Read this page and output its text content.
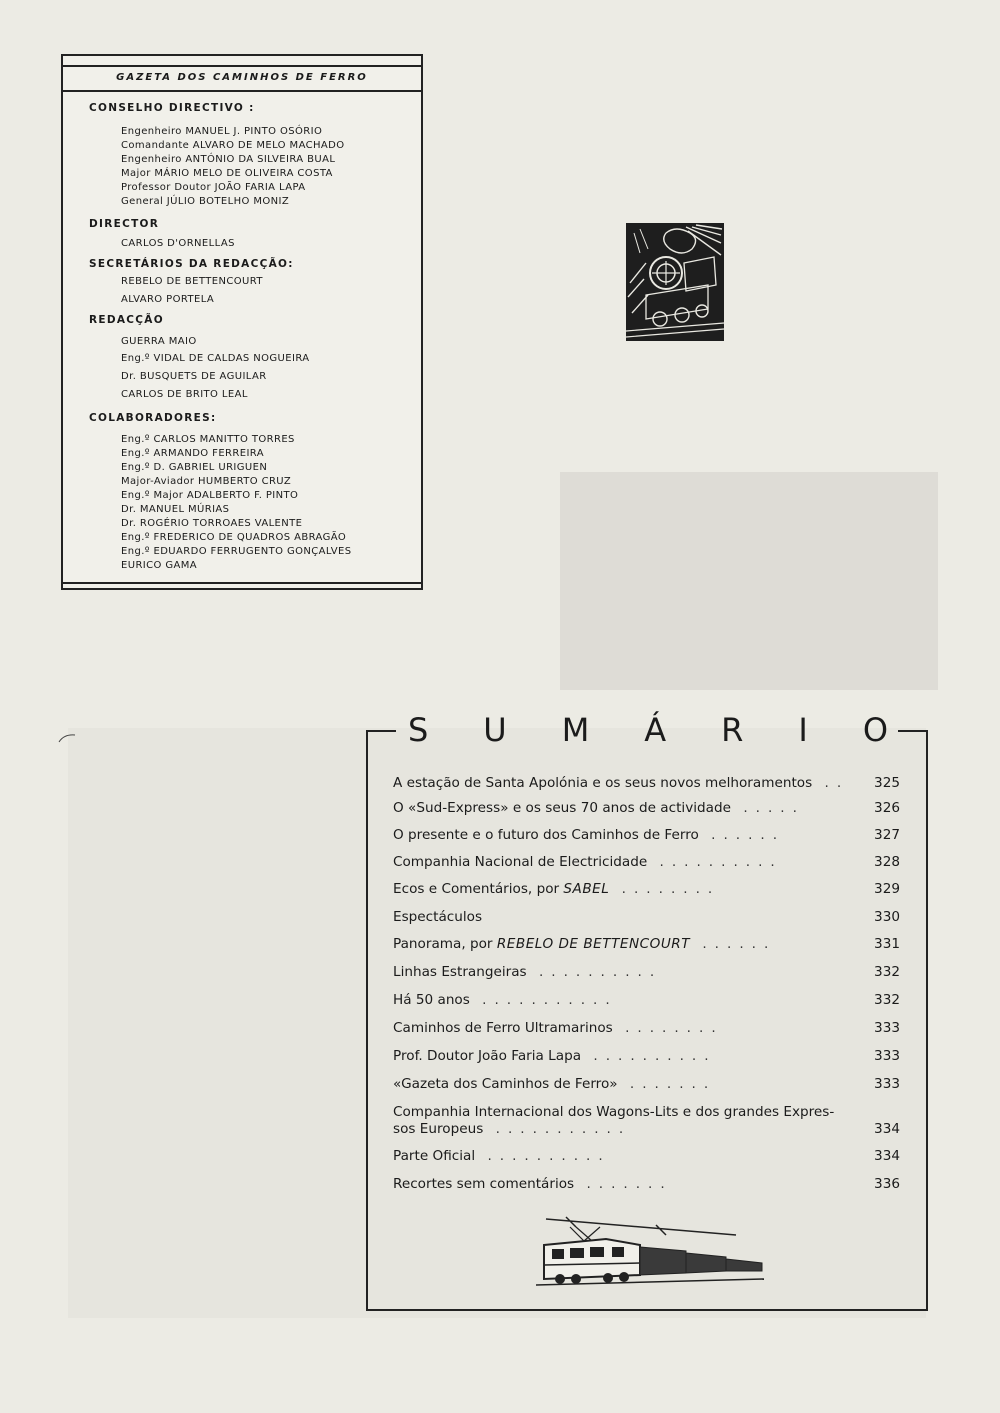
GAZETA DOS CAMINHOS DE FERRO
CONSELHO DIRECTIVO :
Engenheiro MANUEL J. PINTO OSÓRIO
Comandante ALVARO DE MELO MACHADO
Engenheiro ANTÓNIO DA SILVEIRA BUAL
Major MÁRIO MELO DE OLIVEIRA COSTA
Professor Doutor JOÃO FARIA LAPA
General JÚLIO BOTELHO MONIZ
DIRECTOR
CARLOS D'ORNELLAS
SECRETÁRIOS DA REDACÇÃO:
REBELO DE BETTENCOURT
ALVARO PORTELA
REDACÇÃO
GUERRA MAIO
Eng.º VIDAL DE CALDAS NOGUEIRA
Dr. BUSQUETS DE AGUILAR
CARLOS DE BRITO LEAL
COLABORADORES:
Eng.º CARLOS MANITTO TORRES
Eng.º ARMANDO FERREIRA
Eng.º D. GABRIEL URIGUEN
Major-Aviador HUMBERTO CRUZ
Eng.º Major ADALBERTO F. PINTO
Dr. MANUEL MÚRIAS
Dr. ROGÉRIO TORROAES VALENTE
Eng.º FREDERICO DE QUADROS ABRAGÃO
Eng.º EDUARDO FERRUGENTO GONÇALVES
EURICO GAMA
S U M Á R I O
A estação de Santa Apolónia e os seus novos melhoramentos .. 325
O «Sud-Express» e os seus 70 anos de actividade .....	326
O presente e o futuro dos Caminhos de Ferro ......	327
Companhia Nacional de Electricidade ..........	328
Ecos e Comentários, por SABEL ........	329
Espectáculos	330
Panorama, por REBELO DE BETTENCOURT ......	331
Linhas Estrangeiras ..........	332
Há 50 anos ...........	332
Caminhos de Ferro Ultramarinos ........	333
Prof. Doutor João Faria Lapa ..........	333
«Gazeta dos Caminhos de Ferro» .......	333
Companhia Internacional dos Wagons-Lits e dos grandes Expres-
sos Europeus ...........	334
Parte Oficial ..........	334
Recortes sem comentários .......	336
